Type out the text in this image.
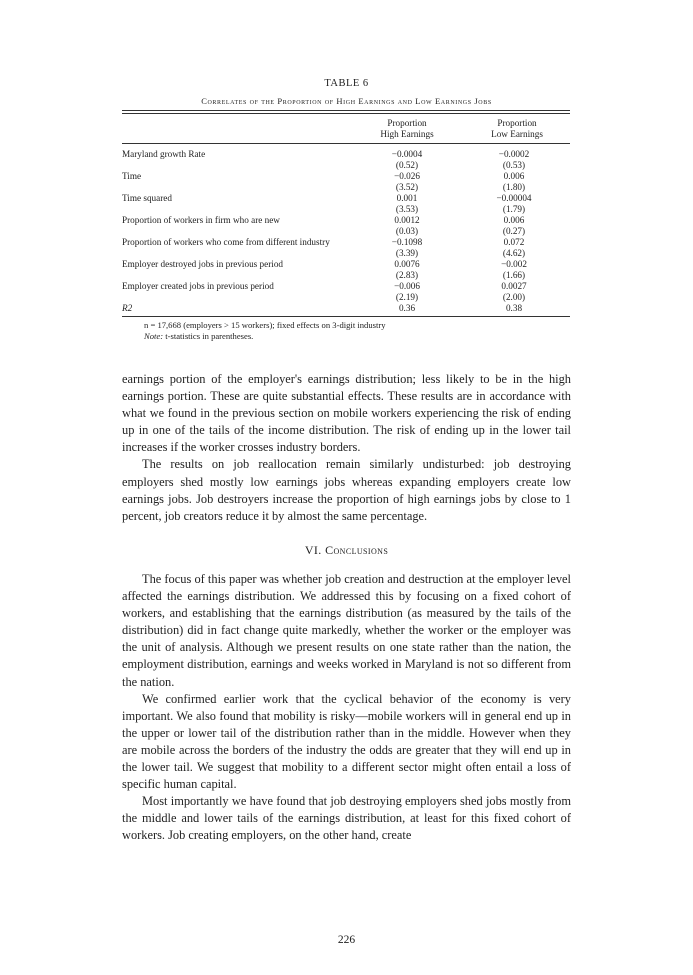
TABLE 6
Correlates of the Proportion of High Earnings and Low Earnings Jobs
Proportion
High Earnings
Proportion
Low Earnings
Maryland growth Rate	−0.0004	−0.0002
(0.52)	(0.53)
Time	−0.026	0.006
(3.52)	(1.80)
Time squared	0.001	−0.00004
(3.53)	(1.79)
Proportion of workers in firm who are new	0.0012	0.006
(0.03)	(0.27)
Proportion of workers who come from different industry	−0.1098	0.072
(3.39)	(4.62)
Employer destroyed jobs in previous period	0.0076	−0.002
(2.83)	(1.66)
Employer created jobs in previous period	−0.006	0.0027
(2.19)	(2.00)
R2	0.36	0.38
n = 17,668 (employers > 15 workers); fixed effects on 3-digit industry
Note: t-statistics in parentheses.

earnings portion of the employer's earnings distribution; less likely to be in the high earnings portion. These are quite substantial effects. These results are in accordance with what we found in the previous section on mobile workers experiencing the risk of ending up in one of the tails of the income distribution. The risk of ending up in the lower tail increases if the worker crosses industry borders.

The results on job reallocation remain similarly undisturbed: job destroying employers shed mostly low earnings jobs whereas expanding employers create low earnings jobs. Job destroyers increase the proportion of high earnings jobs by close to 1 percent, job creators reduce it by almost the same percentage.

VI. Conclusions

The focus of this paper was whether job creation and destruction at the employer level affected the earnings distribution. We addressed this by focusing on a fixed cohort of workers, and establishing that the earnings distribution (as measured by the tails of the distribution) did in fact change quite markedly, whether the worker or the employer was the unit of analysis. Although we present results on one state rather than the nation, the employment distribution, earnings and weeks worked in Maryland is not so different from the nation.

We confirmed earlier work that the cyclical behavior of the economy is very important. We also found that mobility is risky—mobile workers will in general end up in the upper or lower tail of the distribution rather than in the middle. However when they are mobile across the borders of the industry the odds are greater that they will end up in the lower tail. We suggest that mobility to a different sector might often entail a loss of specific human capital.

Most importantly we have found that job destroying employers shed jobs mostly from the middle and lower tails of the earnings distribution, at least for this fixed cohort of workers. Job creating employers, on the other hand, create

226
